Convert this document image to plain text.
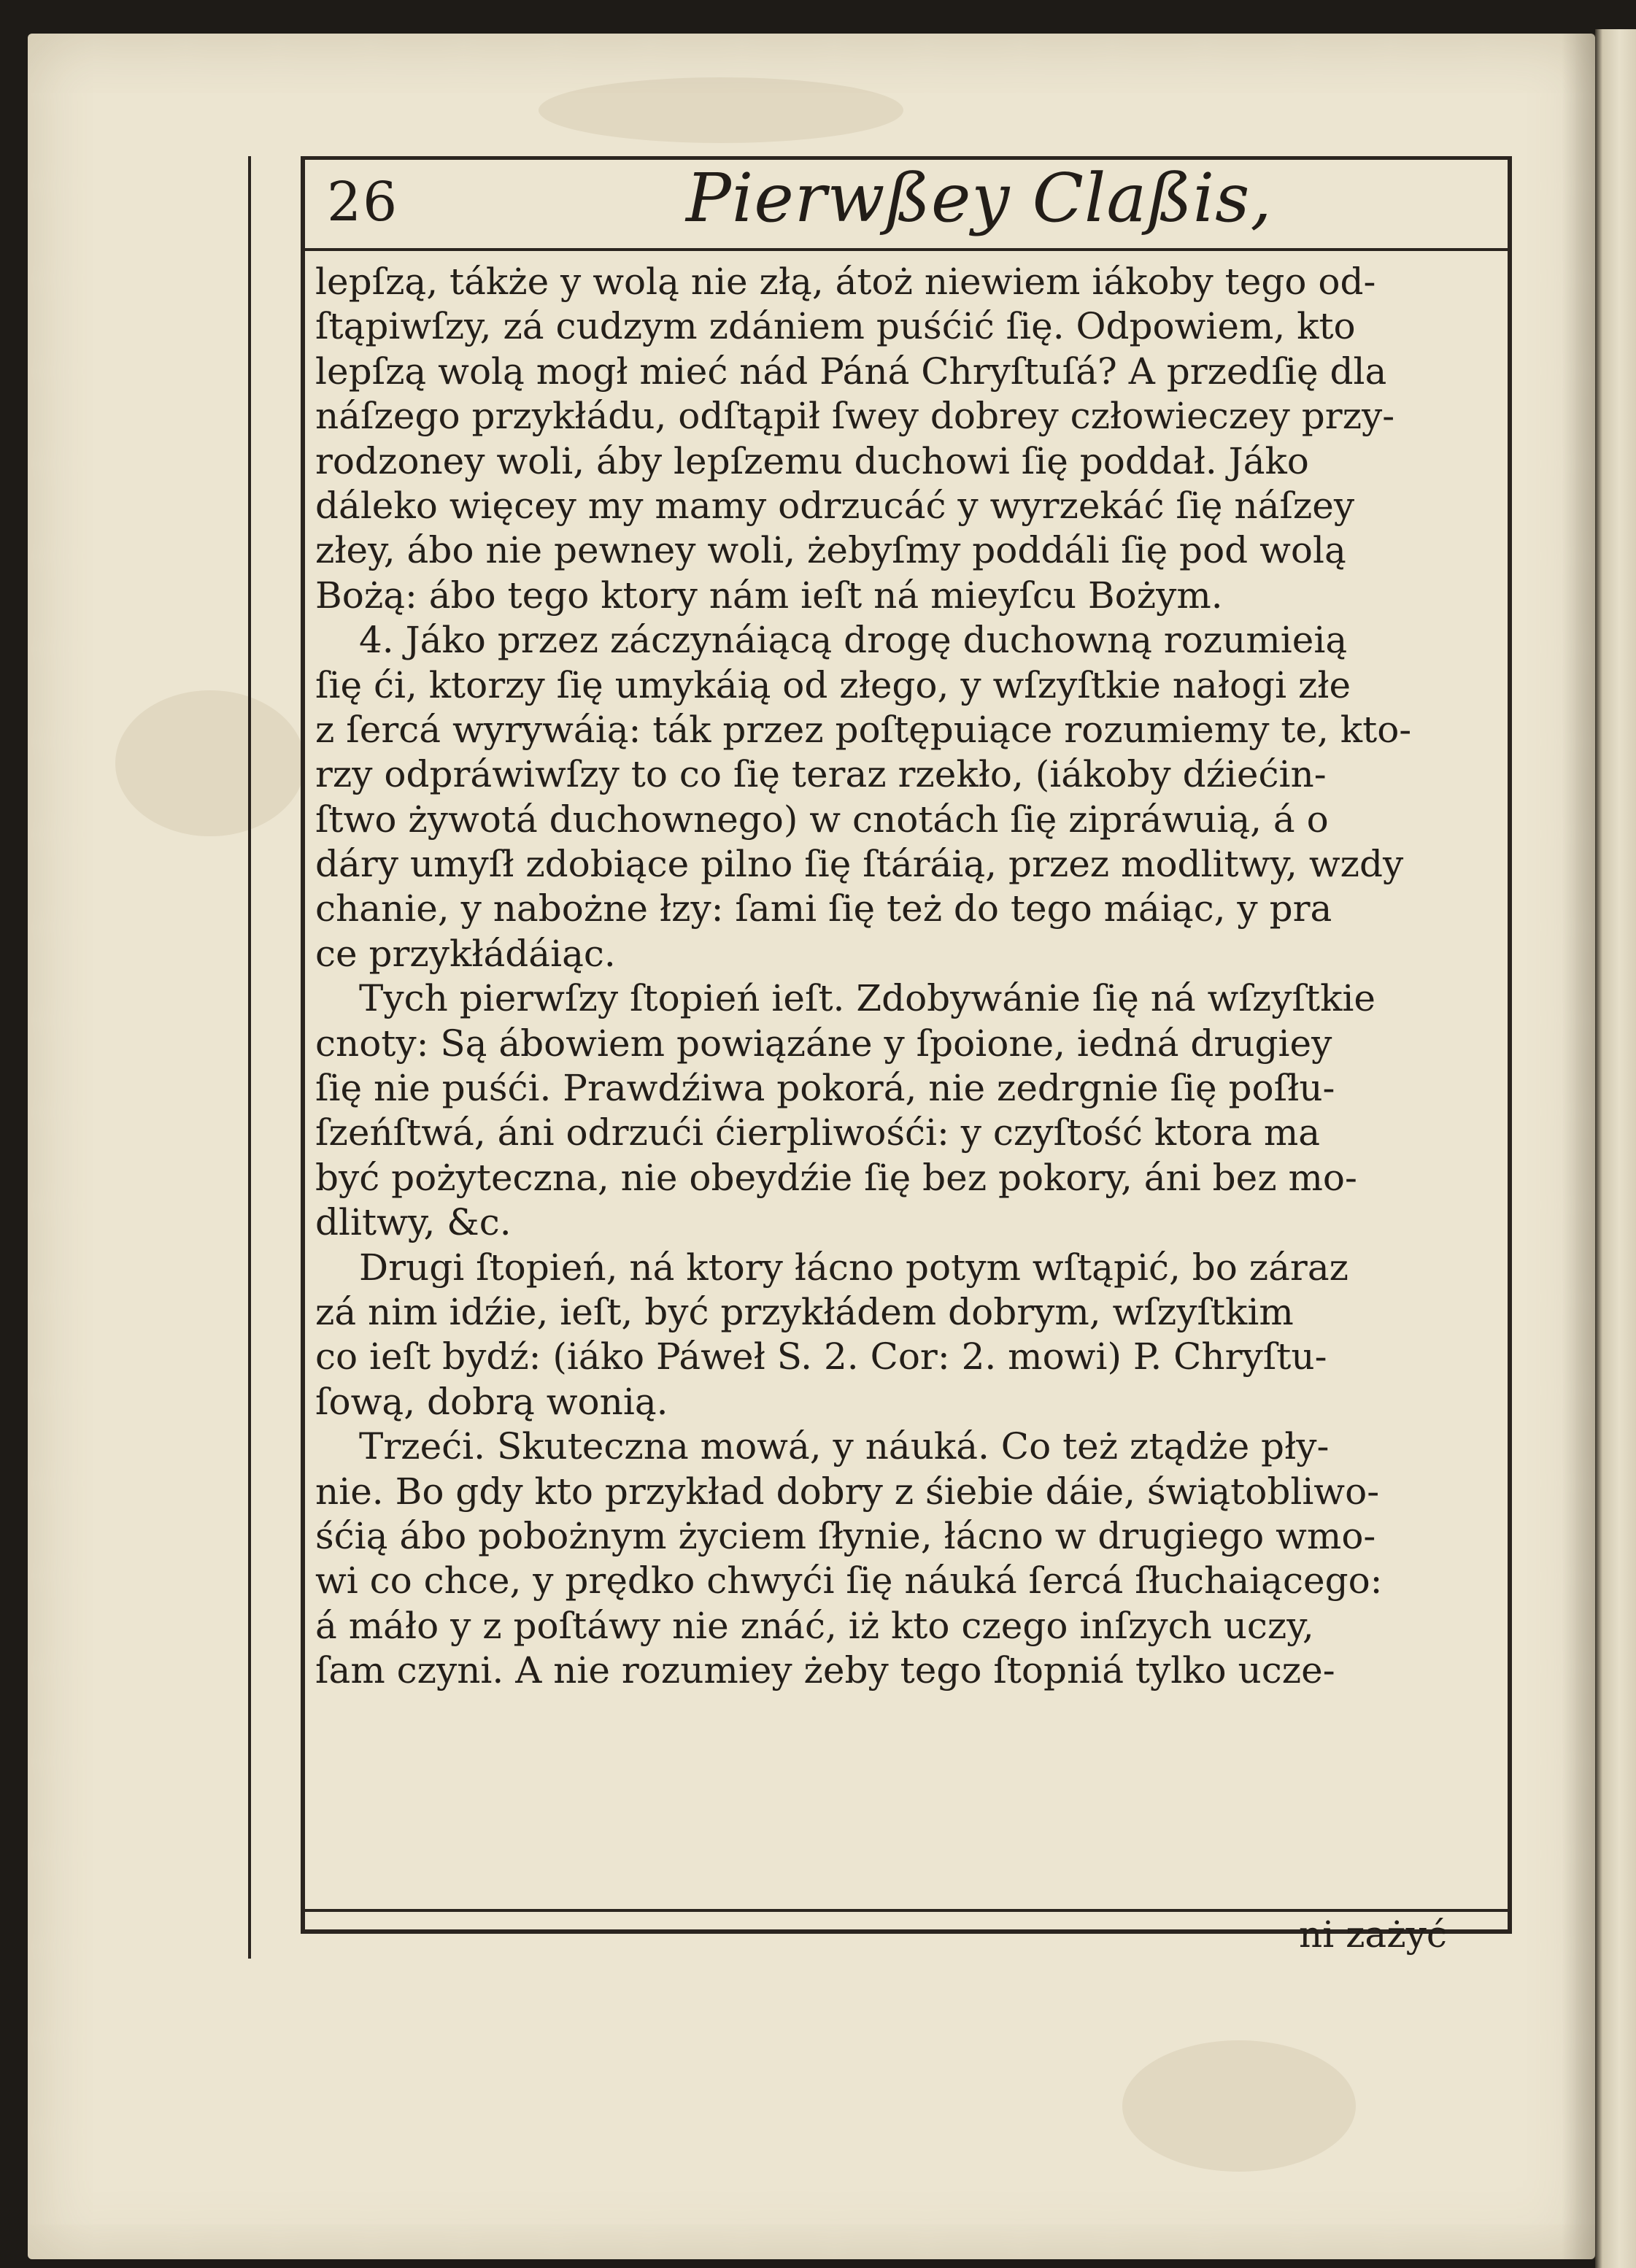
26	Pierwßey Claßis,
lepſzą, tákże y wolą nie złą, átoż niewiem iákoby tego od-
ſtąpiwſzy, zá cudzym zdániem puśćić ſię. Odpowiem, kto
lepſzą wolą mogł mieć nád Páná Chryſtuſá? A przedſię dla
náſzego przykłádu, odſtąpił ſwey dobrey człowieczey przy-
rodzoney woli, áby lepſzemu duchowi ſię poddał. Jáko
dáleko więcey my mamy odrzucáć y wyrzekáć ſię náſzey
złey, ábo nie pewney woli, żebyſmy poddáli ſię pod wolą
Bożą: ábo tego ktory nám ieſt ná mieyſcu Bożym.
4. Jáko przez záczynáiącą drogę duchowną rozumieią
ſię ći, ktorzy ſię umykáią od złego, y wſzyſtkie nałogi złe
z ſercá wyrywáią: ták przez poſtępuiące rozumiemy te, kto-
rzy odpráwiwſzy to co ſię teraz rzekło, (iákoby dźiećin-
ſtwo żywotá duchownego) w cnotách ſię zipráwuią, á o
dáry umyſł zdobiące pilno ſię ſtáráią, przez modlitwy, wzdy
chanie, y nabożne łzy: ſami ſię też do tego máiąc, y pra
ce przykłádáiąc.
Tych pierwſzy ſtopień ieſt. Zdobywánie ſię ná wſzyſtkie
cnoty: Są ábowiem powiązáne y ſpoione, iedná drugiey
ſię nie puśći. Prawdźiwa pokorá, nie zedrgnie ſię poſłu-
ſzeńſtwá, áni odrzući ćierpliwośći: y czyſtość ktora ma
być pożyteczna, nie obeydźie ſię bez pokory, áni bez mo-
dlitwy, &c.
Drugi ſtopień, ná ktory łácno potym wſtąpić, bo záraz
zá nim idźie, ieſt, być przykłádem dobrym, wſzyſtkim
co ieſt bydź: (iáko Páweł S. 2. Cor: 2. mowi) P. Chryſtu-
ſową, dobrą wonią.
Trzeći. Skuteczna mowá, y náuká. Co też ztądże pły-
nie. Bo gdy kto przykład dobry z śiebie dáie, świątobliwo-
śćią ábo pobożnym życiem ſłynie, łácno w drugiego wmo-
wi co chce, y prędko chwyći ſię náuká ſercá ſłuchaiącego:
á máło y z poſtáwy nie znáć, iż kto czego inſzych uczy,
ſam czyni. A nie rozumiey żeby tego ſtopniá tylko ucze-
ni zażyć
